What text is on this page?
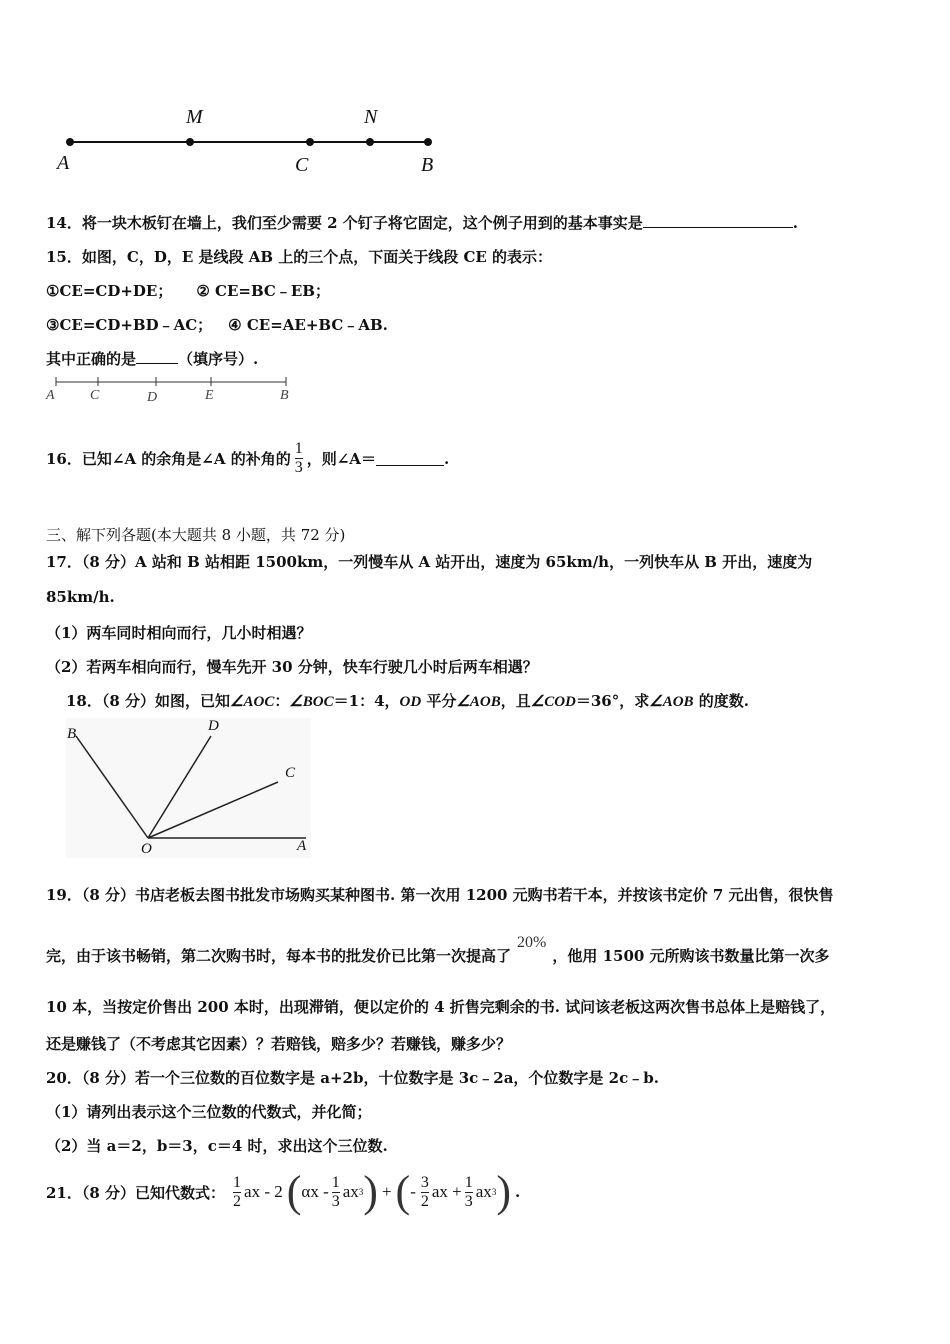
A
M
C
N
B
14．将一块木板钉在墙上，我们至少需要 2 个钉子将它固定，这个例子用到的基本事实是	.
15．如图，C，D，E 是线段 AB 上的三个点，下面关于线段 CE 的表示：
①CE=CD+DE； ② CE=BC﹣EB；
③CE=CD+BD﹣AC； ④ CE=AE+BC﹣AB.
其中正确的是	（填序号）.
A	C	D	E	B
16．已知∠A 的余角是∠A 的补角的 $\frac{1}{3}$ ，则∠A＝	.
三、解下列各题(本大题共 8 小题，共 72 分)
17．（8 分）A 站和 B 站相距 1500km，一列慢车从 A 站开出，速度为 65km/h，一列快车从 B 开出，速度为
85km/h.
（1）两车同时相向而行，几小时相遇？
（2）若两车相向而行，慢车先开 30 分钟，快车行驶几小时后两车相遇？
18．（8 分）如图，已知∠AOC：∠BOC＝1：4，OD 平分∠AOB，且∠COD＝36°，求∠AOB 的度数.
B	D
C
O	A
19．（8 分）书店老板去图书批发市场购买某种图书. 第一次用 1200 元购书若干本，并按该书定价 7 元出售，很快售
完，由于该书畅销，第二次购书时，每本书的批发价已比第一次提高了20%，他用 1500 元所购该书数量比第一次多
10 本，当按定价售出 200 本时，出现滞销，便以定价的 4 折售完剩余的书. 试问该老板这两次售书总体上是赔钱了，
还是赚钱了（不考虑其它因素）？若赔钱，赔多少？若赚钱，赚多少？
20．（8 分）若一个三位数的百位数字是 a+2b，十位数字是 3c﹣2a，个位数字是 2c﹣b.
（1）请列出表示这个三位数的代数式，并化简；
（2）当 a＝2，b＝3，c＝4 时，求出这个三位数.
21．（8 分）已知代数式： $\frac{1}{2}$ ax - 2 ( αx - $\frac{1}{3}$ ax 3 ) + ( - $\frac{3}{2}$ ax + $\frac{1}{3}$ ax 3 ) .
